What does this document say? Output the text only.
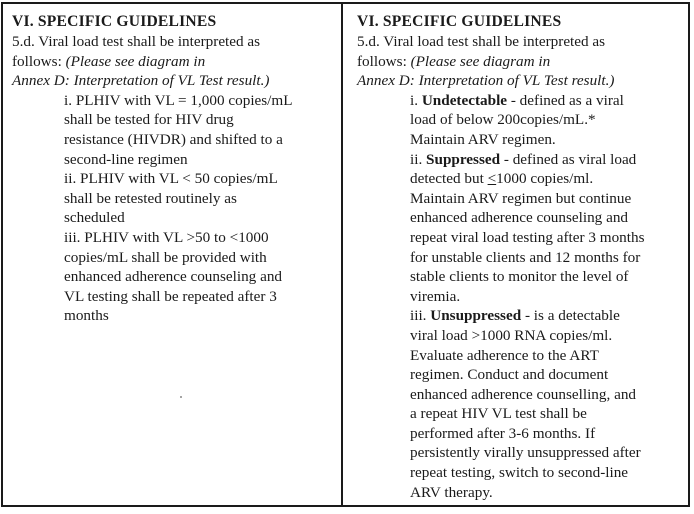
VI. SPECIFIC GUIDELINES

5.d. Viral load test shall be interpreted as
follows: (Please see diagram in
Annex D: Interpretation of VL Test result.)

i. PLHIV with VL = 1,000 copies/mL
shall be tested for HIV drug
resistance (HIVDR) and shifted to a
second-line regimen
ii. PLHIV with VL < 50 copies/mL
shall be retested routinely as
scheduled
iii. PLHIV with VL >50 to <1000
copies/mL shall be provided with
enhanced adherence counseling and
VL testing shall be repeated after 3
months

VI. SPECIFIC GUIDELINES

5.d. Viral load test shall be interpreted as
follows: (Please see diagram in
Annex D: Interpretation of VL Test result.)

i. Undetectable - defined as a viral
load of below 200copies/mL.*
Maintain ARV regimen.
ii. Suppressed - defined as viral load
detected but ≤1000 copies/ml.
Maintain ARV regimen but continue
enhanced adherence counseling and
repeat viral load testing after 3 months
for unstable clients and 12 months for
stable clients to monitor the level of
viremia.
iii. Unsuppressed - is a detectable
viral load >1000 RNA copies/ml.
Evaluate adherence to the ART
regimen. Conduct and document
enhanced adherence counselling, and
a repeat HIV VL test shall be
performed after 3-6 months. If
persistently virally unsuppressed after
repeat testing, switch to second-line
ARV therapy.
